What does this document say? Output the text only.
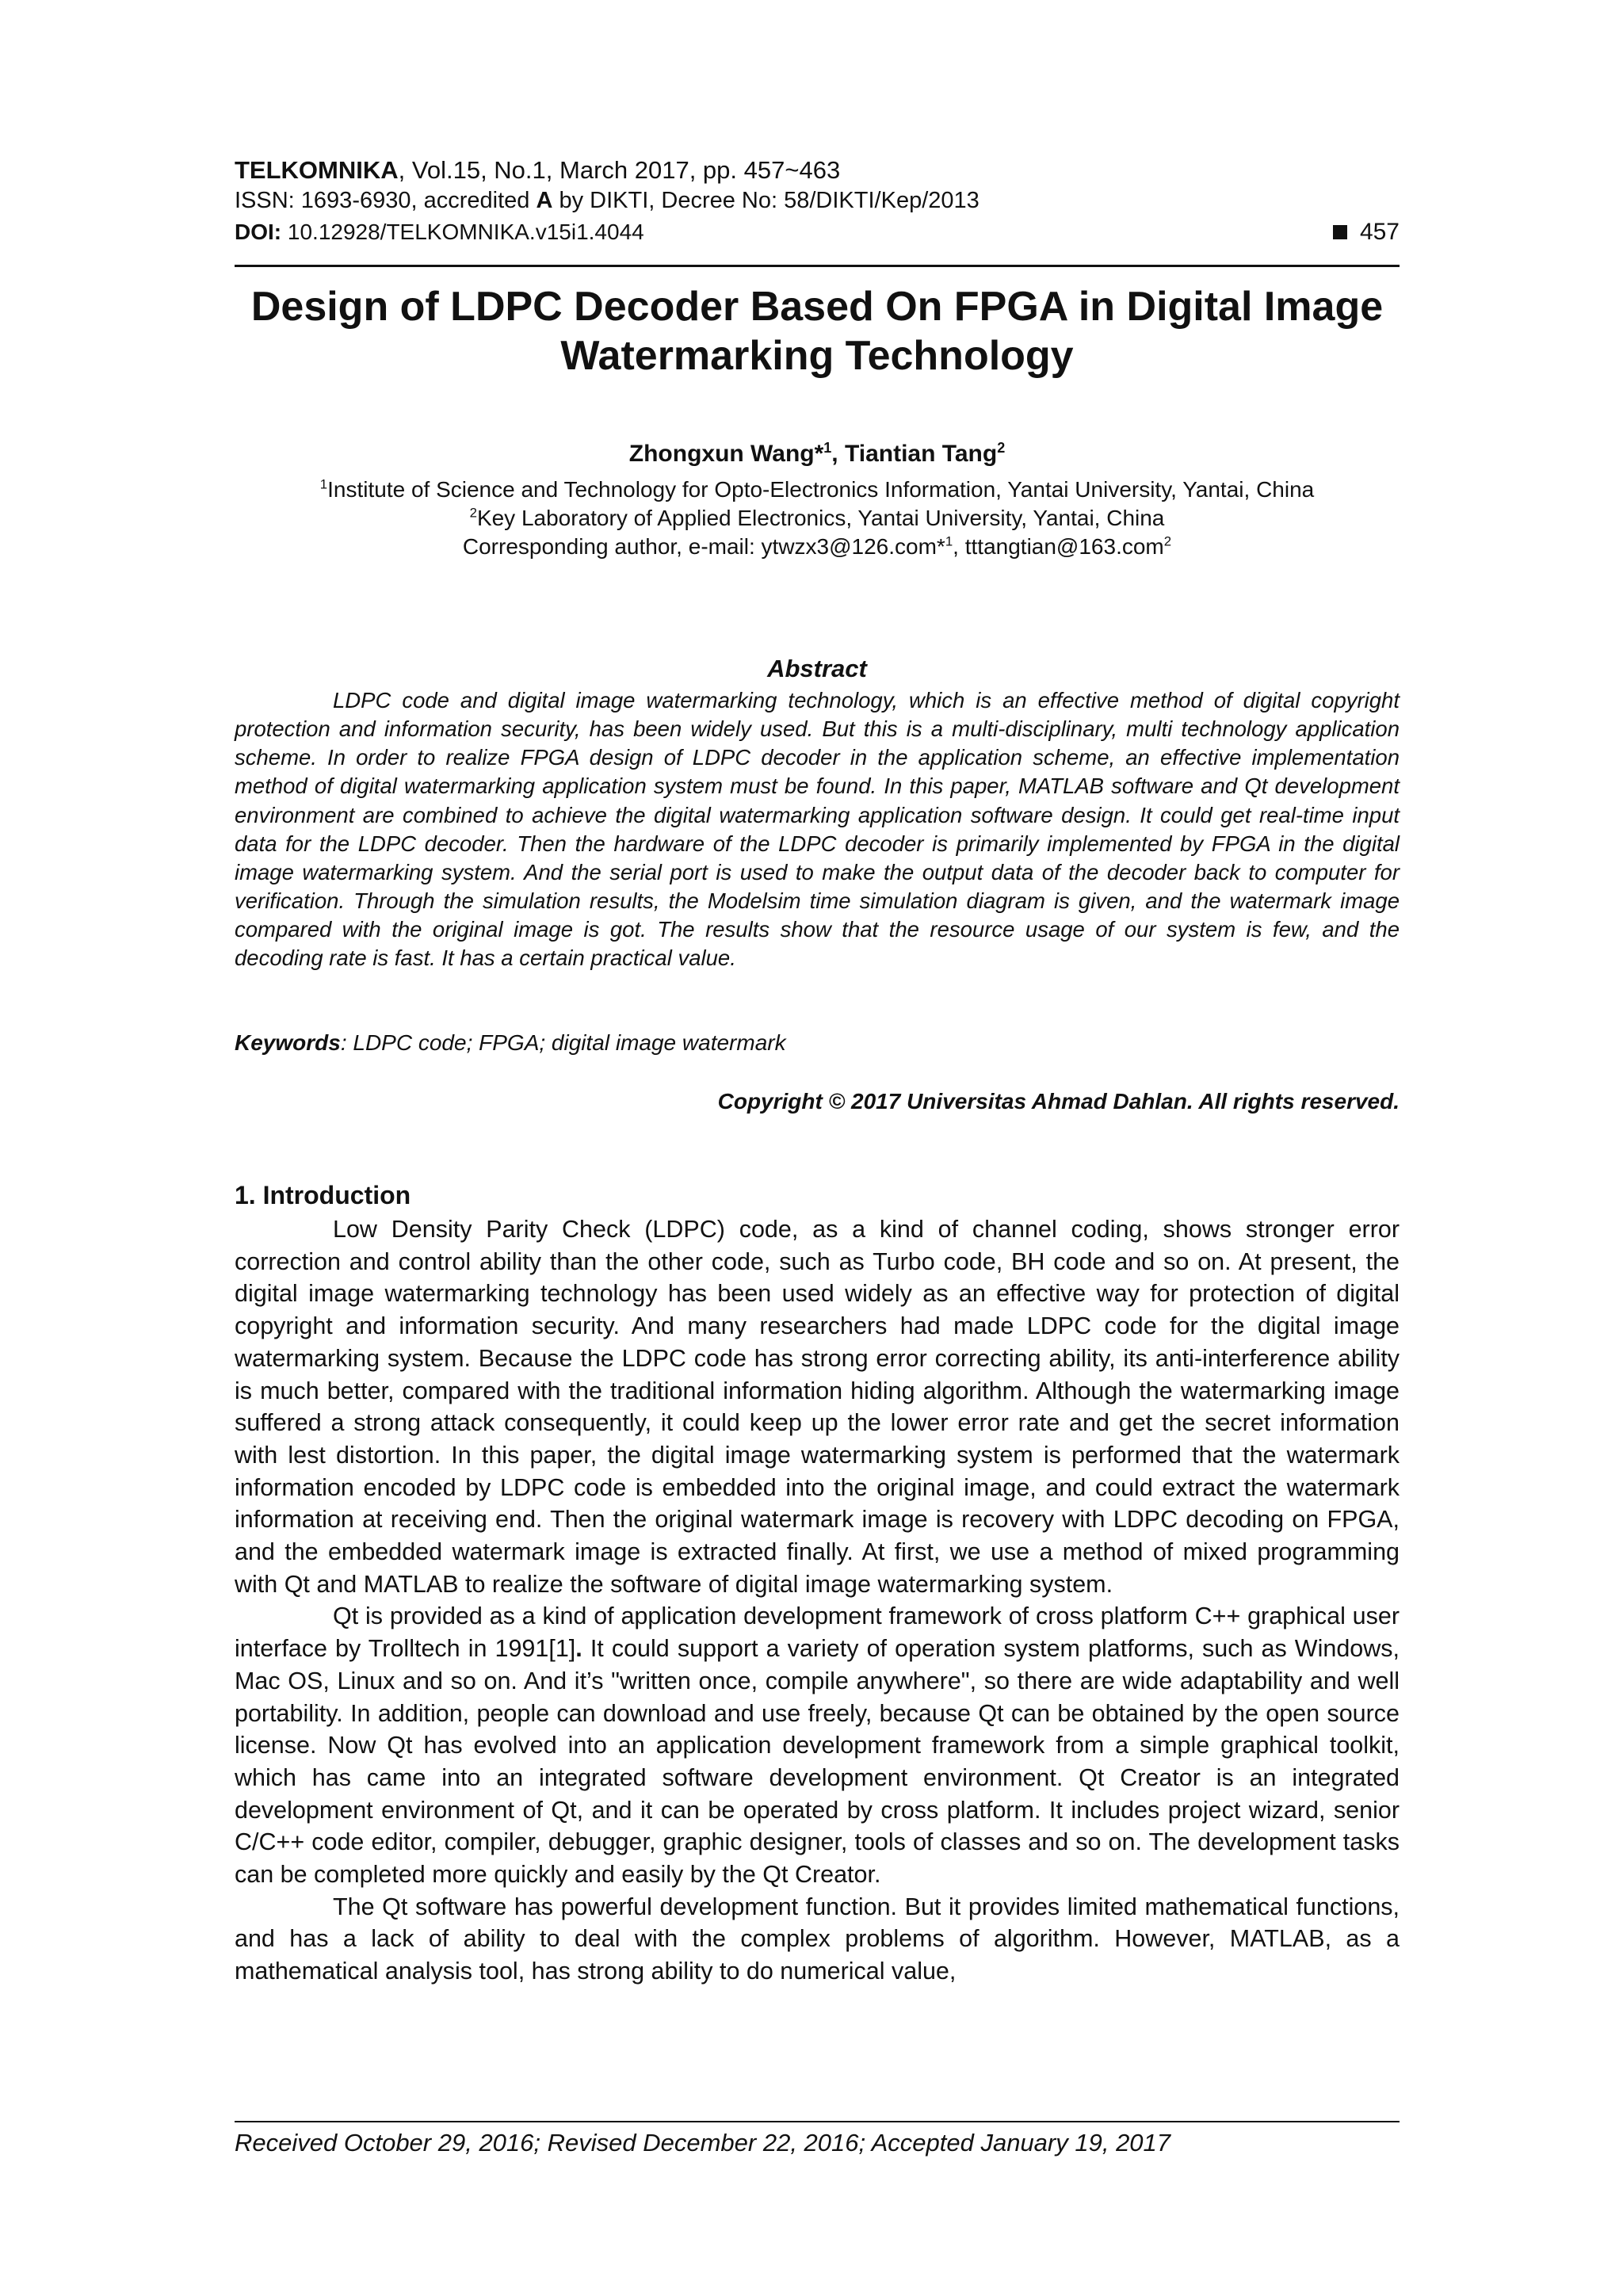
TELKOMNIKA, Vol.15, No.1, March 2017, pp. 457~463
ISSN: 1693-6930, accredited A by DIKTI, Decree No: 58/DIKTI/Kep/2013
DOI: 10.12928/TELKOMNIKA.v15i1.4044	457
Design of LDPC Decoder Based On FPGA in Digital Image Watermarking Technology
Zhongxun Wang*$^1$, Tiantian Tang$^2$

$^1$Institute of Science and Technology for Opto-Electronics Information, Yantai University, Yantai, China

$^2$Key Laboratory of Applied Electronics, Yantai University, Yantai, China

Corresponding author, e-mail: ytwzx3@126.com*$^1$, tttangtian@163.com$^2$

Abstract

LDPC code and digital image watermarking technology, which is an effective method of digital copyright protection and information security, has been widely used. But this is a multi-disciplinary, multi technology application scheme. In order to realize FPGA design of LDPC decoder in the application scheme, an effective implementation method of digital watermarking application system must be found. In this paper, MATLAB software and Qt development environment are combined to achieve the digital watermarking application software design. It could get real-time input data for the LDPC decoder. Then the hardware of the LDPC decoder is primarily implemented by FPGA in the digital image watermarking system. And the serial port is used to make the output data of the decoder back to computer for verification. Through the simulation results, the Modelsim time simulation diagram is given, and the watermark image compared with the original image is got. The results show that the resource usage of our system is few, and the decoding rate is fast. It has a certain practical value.

Keywords: LDPC code; FPGA; digital image watermark
Copyright © 2017 Universitas Ahmad Dahlan. All rights reserved.
1. Introduction

Low Density Parity Check (LDPC) code, as a kind of channel coding, shows stronger error correction and control ability than the other code, such as Turbo code, BH code and so on. At present, the digital image watermarking technology has been used widely as an effective way for protection of digital copyright and information security. And many researchers had made LDPC code for the digital image watermarking system. Because the LDPC code has strong error correcting ability, its anti-interference ability is much better, compared with the traditional information hiding algorithm. Although the watermarking image suffered a strong attack consequently, it could keep up the lower error rate and get the secret information with lest distortion. In this paper, the digital image watermarking system is performed that the watermark information encoded by LDPC code is embedded into the original image, and could extract the watermark information at receiving end. Then the original watermark image is recovery with LDPC decoding on FPGA, and the embedded watermark image is extracted finally. At first, we use a method of mixed programming with Qt and MATLAB to realize the software of digital image watermarking system.

Qt is provided as a kind of application development framework of cross platform C++ graphical user interface by Trolltech in 1991[1]. It could support a variety of operation system platforms, such as Windows, Mac OS, Linux and so on. And it’s "written once, compile anywhere", so there are wide adaptability and well portability. In addition, people can download and use freely, because Qt can be obtained by the open source license. Now Qt has evolved into an application development framework from a simple graphical toolkit, which has came into an integrated software development environment. Qt Creator is an integrated development environment of Qt, and it can be operated by cross platform. It includes project wizard, senior C/C++ code editor, compiler, debugger, graphic designer, tools of classes and so on. The development tasks can be completed more quickly and easily by the Qt Creator.

The Qt software has powerful development function. But it provides limited mathematical functions, and has a lack of ability to deal with the complex problems of algorithm. However, MATLAB, as a mathematical analysis tool, has strong ability to do numerical value,

Received October 29, 2016; Revised December 22, 2016; Accepted January 19, 2017
